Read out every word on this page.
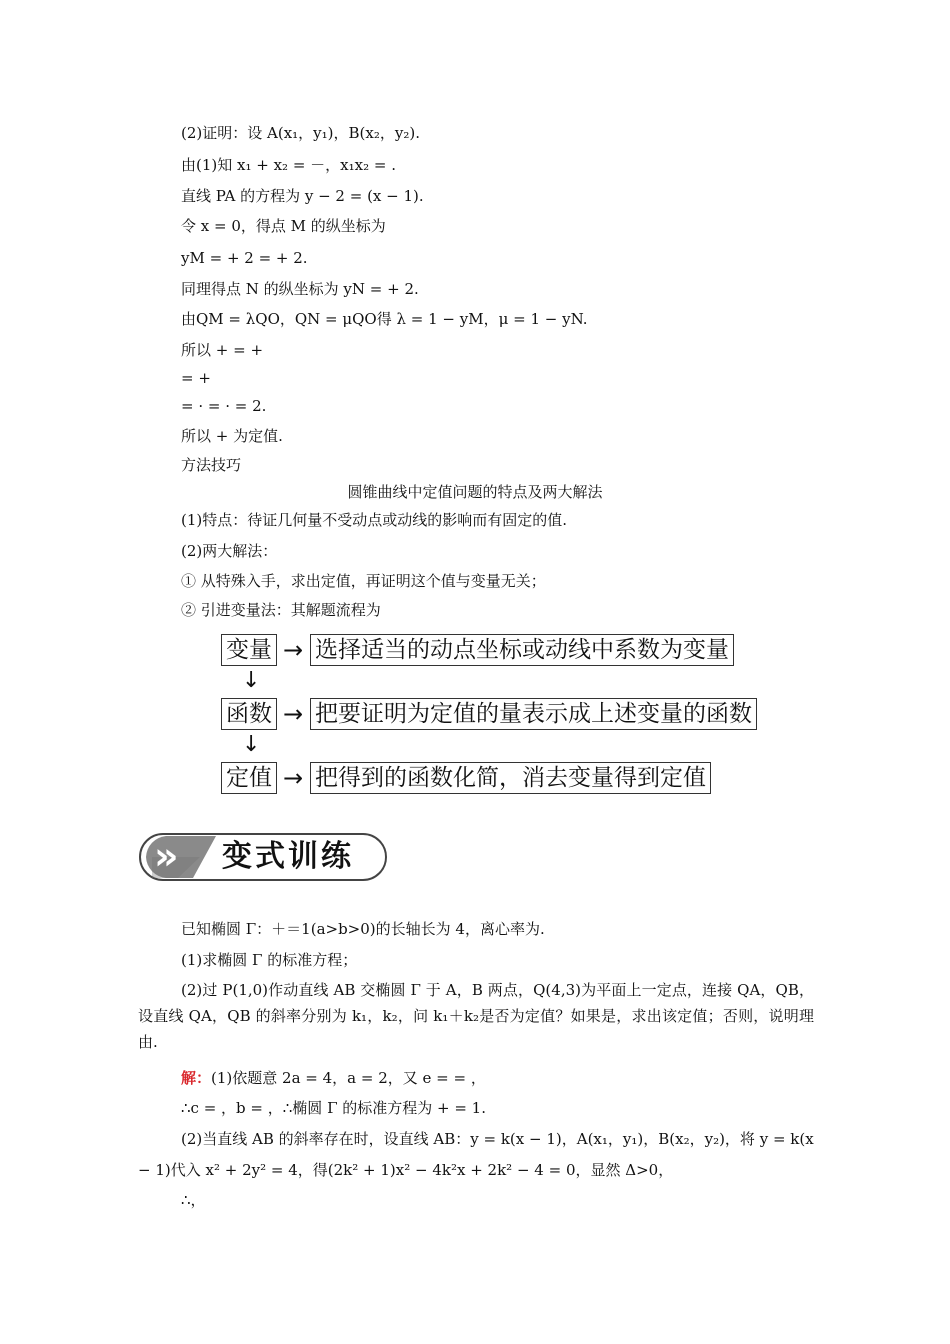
(2)证明：设 A(x₁，y₁)，B(x₂，y₂).
由(1)知 x₁ + x₂ = －，x₁x₂ = .
直线 PA 的方程为 y − 2 = (x − 1).
令 x = 0，得点 M 的纵坐标为
yM = + 2 = + 2.
同理得点 N 的纵坐标为 yN = + 2.
由QM = λQO，QN = μQO得 λ = 1 − yM，μ = 1 − yN.
所以 + = +
= +
= · = · = 2.
所以 + 为定值.
方法技巧
圆锥曲线中定值问题的特点及两大解法
(1)特点：待证几何量不受动点或动线的影响而有固定的值.
(2)两大解法：
① 从特殊入手，求出定值，再证明这个值与变量无关；
② 引进变量法：其解题流程为
变量 → 选择适当的动点坐标或动线中系数为变量
↓
函数 → 把要证明为定值的量表示成上述变量的函数
↓
定值 → 把得到的函数化简，消去变量得到定值
» 变式训练
已知椭圆 Γ：＋＝1(a>b>0)的长轴长为 4，离心率为.
(1)求椭圆 Γ 的标准方程；
(2)过 P(1,0)作动直线 AB 交椭圆 Γ 于 A，B 两点，Q(4,3)为平面上一定点，连接 QA，QB，设直线 QA，QB 的斜率分别为 k₁，k₂，问 k₁＋k₂是否为定值？如果是，求出该定值；否则，说明理由.
解：(1)依题意 2a = 4，a = 2，又 e = = ，
∴c = ，b = ，∴椭圆 Γ 的标准方程为 + = 1.
(2)当直线 AB 的斜率存在时，设直线 AB：y = k(x − 1)，A(x₁，y₁)，B(x₂，y₂)，将 y = k(x
− 1)代入 x² + 2y² = 4，得(2k² + 1)x² − 4k²x + 2k² − 4 = 0，显然 Δ>0，
∴，
